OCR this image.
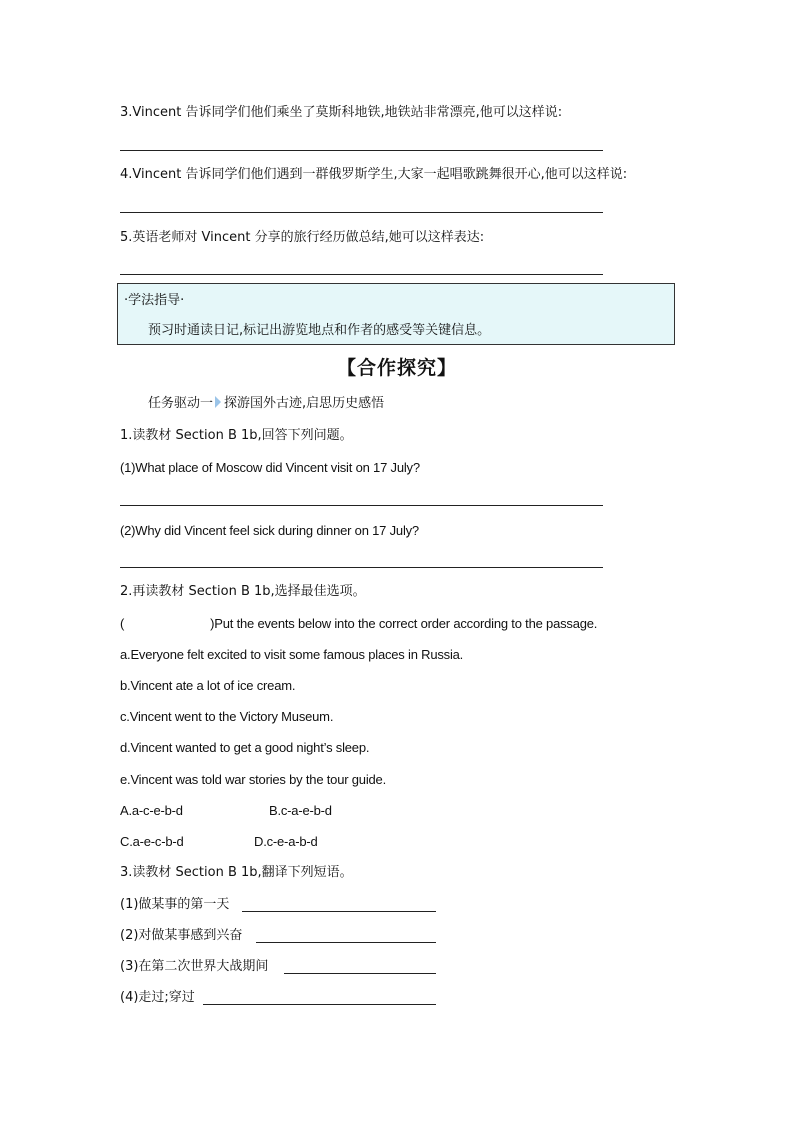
3.Vincent 告诉同学们他们乘坐了莫斯科地铁,地铁站非常漂亮,他可以这样说:
4.Vincent 告诉同学们他们遇到一群俄罗斯学生,大家一起唱歌跳舞很开心,他可以这样说:
5.英语老师对 Vincent 分享的旅行经历做总结,她可以这样表达:
·学法指导·
预习时通读日记,标记出游览地点和作者的感受等关键信息。
【合作探究】
任务驱动一 探游国外古迹,启思历史感悟
1.读教材 Section B 1b,回答下列问题。
(1)What place of Moscow did Vincent visit on 17 July?
(2)Why did Vincent feel sick during dinner on 17 July?
2.再读教材 Section B 1b,选择最佳选项。
(	)Put the events below into the correct order according to the passage.
a.Everyone felt excited to visit some famous places in Russia.
b.Vincent ate a lot of ice cream.
c.Vincent went to the Victory Museum.
d.Vincent wanted to get a good night’s sleep.
e.Vincent was told war stories by the tour guide.
A.a-c-e-b-d	B.c-a-e-b-d
C.a-e-c-b-d	D.c-e-a-b-d
3.读教材 Section B 1b,翻译下列短语。
(1)做某事的第一天
(2)对做某事感到兴奋
(3)在第二次世界大战期间
(4)走过;穿过
